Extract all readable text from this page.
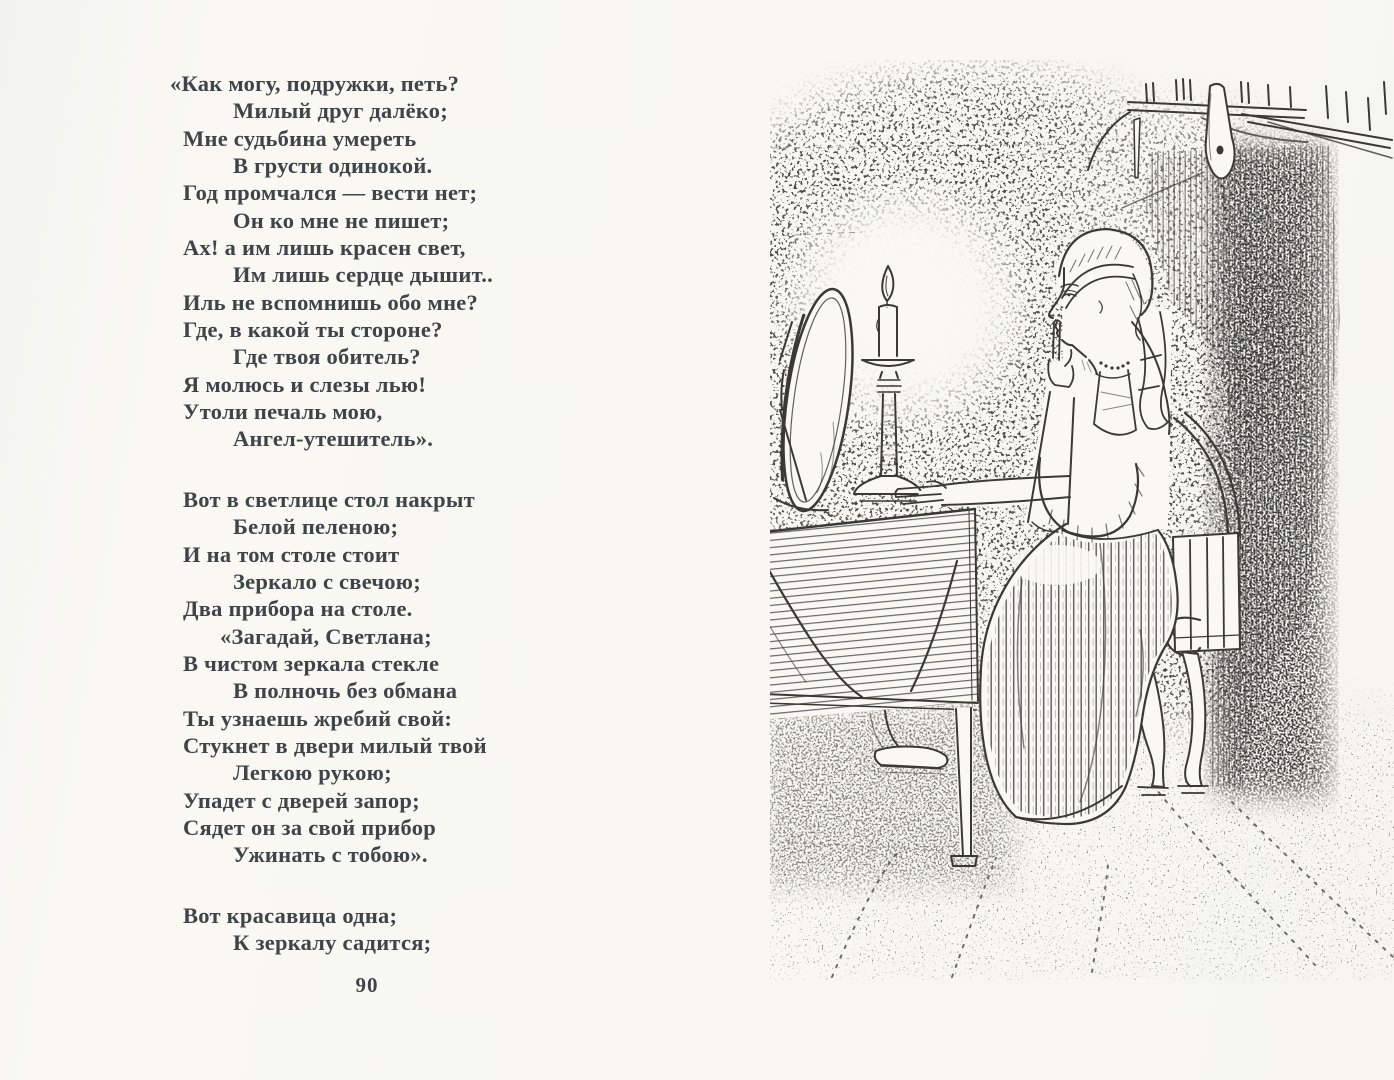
«Как могу, подружки, петь?
Милый друг далёко;
Мне судьбина умереть
В грусти одинокой.
Год промчался — вести нет;
Он ко мне не пишет;
Ах! а им лишь красен свет,
Им лишь сердце дышит..
Иль не вспомнишь обо мне?
Где, в какой ты стороне?
Где твоя обитель?
Я молюсь и слезы лью!
Утоли печаль мою,
Ангел-утешитель».
Вот в светлице стол накрыт
Белой пеленою;
И на том столе стоит
Зеркало с свечою;
Два прибора на столе.
«Загадай, Светлана;
В чистом зеркала стекле
В полночь без обмана
Ты узнаешь жребий свой:
Стукнет в двери милый твой
Легкою рукою;
Упадет с дверей запор;
Сядет он за свой прибор
Ужинать с тобою».
Вот красавица одна;
К зеркалу садится;
90
